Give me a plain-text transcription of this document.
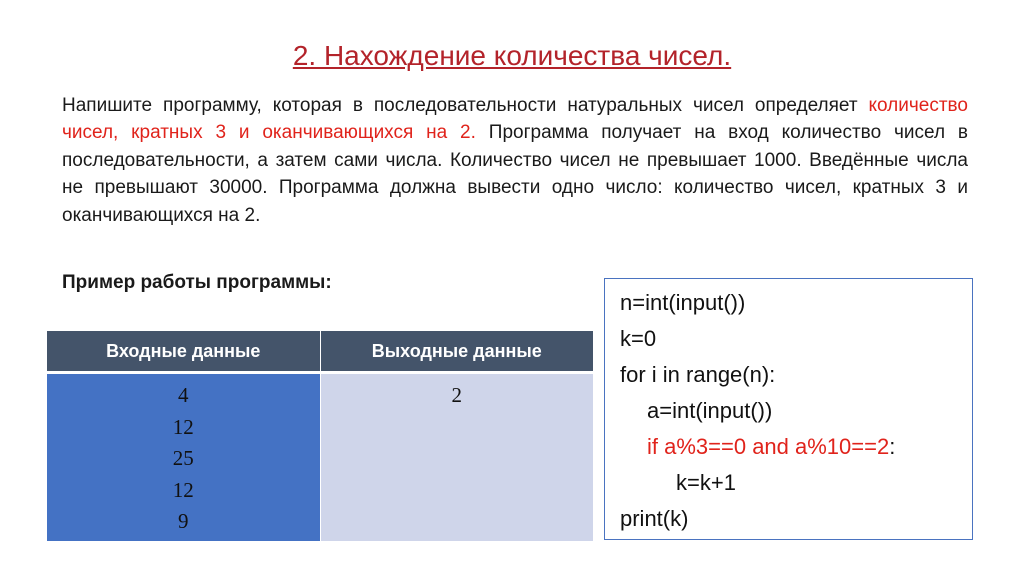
2. Нахождение количества чисел.
Напишите программу, которая в последовательности натуральных чисел определяет количество чисел, кратных 3 и оканчивающихся на 2. Программа получает на вход количество чисел в последовательности, а затем сами числа. Количество чисел не превышает 1000. Введённые числа не превышают 30000. Программа должна вывести одно число: количество чисел, кратных 3 и оканчивающихся на 2.
Пример работы программы:
Входные данные	Выходные данные

4
12
25
12
9	2
n=int(input())
k=0
for i in range(n):
a=int(input())
if a%3==0 and a%10==2:
k=k+1
print(k)
